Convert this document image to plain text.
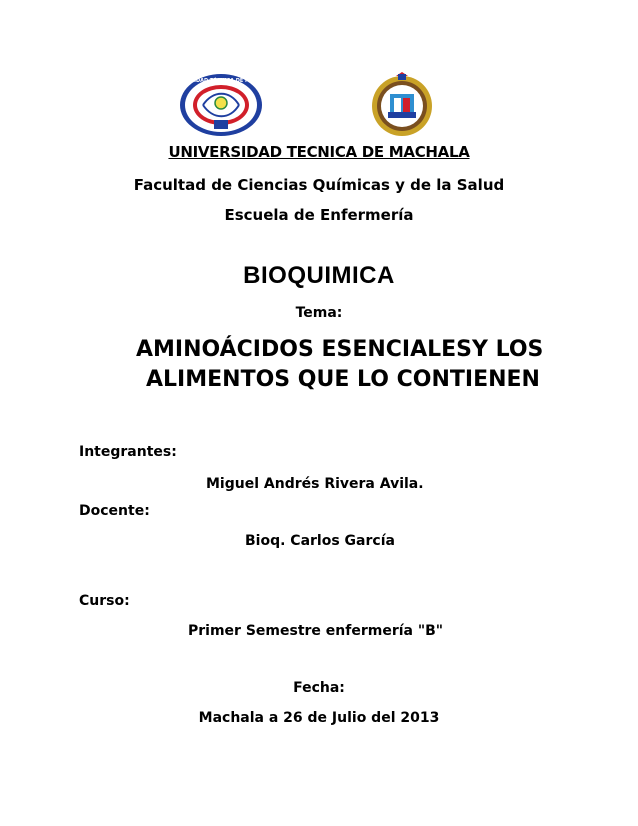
UNIVERSIDAD TÉCNICA DE MACHALA
UNIVERSIDAD TECNICA DE MACHALA
Facultad de Ciencias Químicas y de la Salud
Escuela de Enfermería
BIOQUIMICA
Tema:
AMINOÁCIDOS ESENCIALESY LOS
ALIMENTOS QUE LO CONTIENEN
Integrantes:
Miguel Andrés Rivera Avila.
Docente:
Bioq. Carlos García
Curso:
Primer Semestre enfermería "B"
Fecha:
Machala a 26 de Julio del 2013
